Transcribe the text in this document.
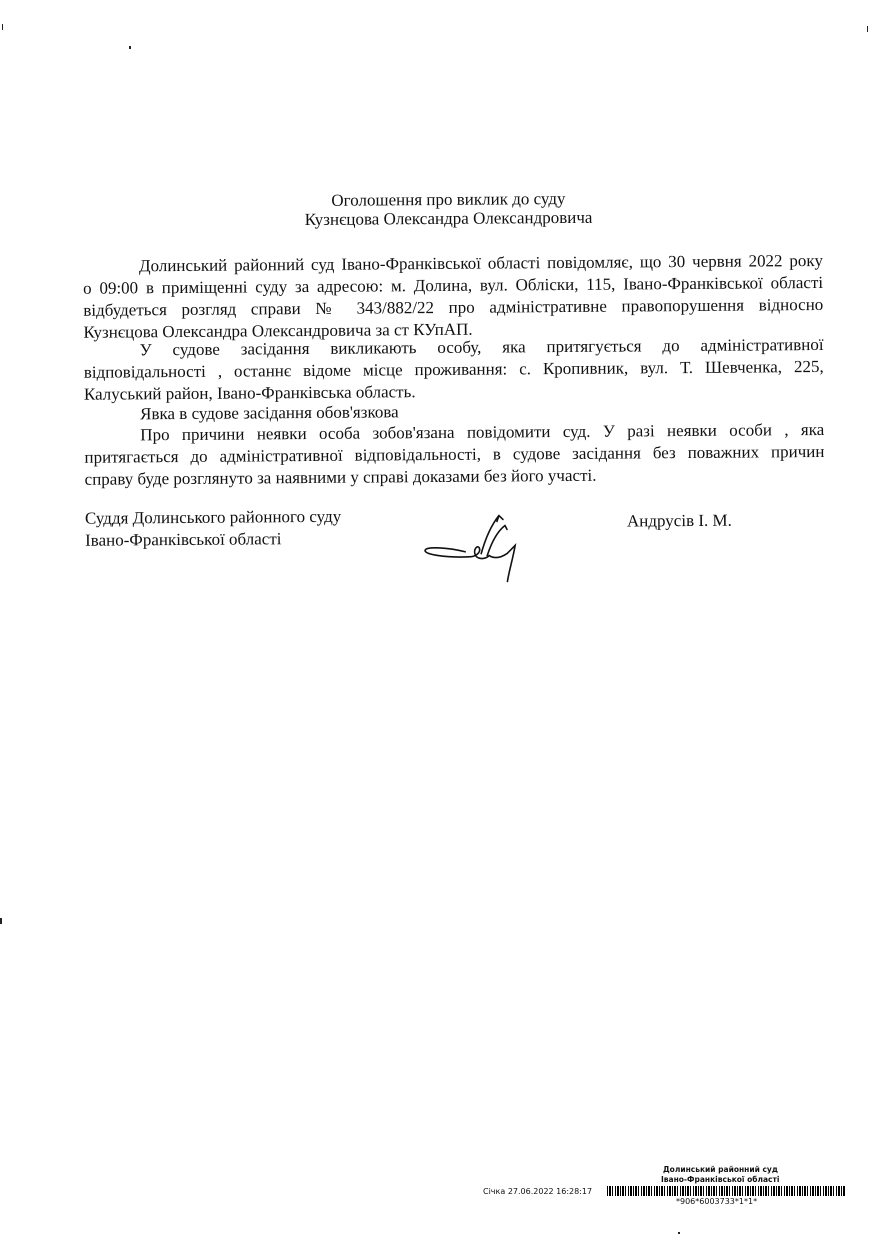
Оголошення про виклик до суду
Кузнєцова Олександра Олександровича
Долинський районний суд Івано-Франківської області повідомляє, що 30 червня 2022 року
о 09:00 в приміщенні суду за адресою: м. Долина, вул. Обліски, 115, Івано-Франківської області
відбудеться розгляд справи № 343/882/22 про адміністративне правопорушення відносно
Кузнєцова Олександра Олександровича за ст КУпАП.
У судове засідання викликають особу, яка притягується до адміністративної
відповідальності , останнє відоме місце проживання: с. Кропивник, вул. Т. Шевченка, 225,
Калуський район, Івано-Франківська область.
Явка в судове засідання обов'язкова
Про причини неявки особа зобов'язана повідомити суд. У разі неявки особи , яка
притягається до адміністративної відповідальності, в судове засідання без поважних причин
справу буде розглянуто за наявними у справі доказами без його участі.
Суддя Долинського районного суду
Івано-Франківської області
Андрусів І. М.
Долинський районний суд
Івано-Франківської області
Січка 27.06.2022 16:28:17
*906*6003733*1*1*
